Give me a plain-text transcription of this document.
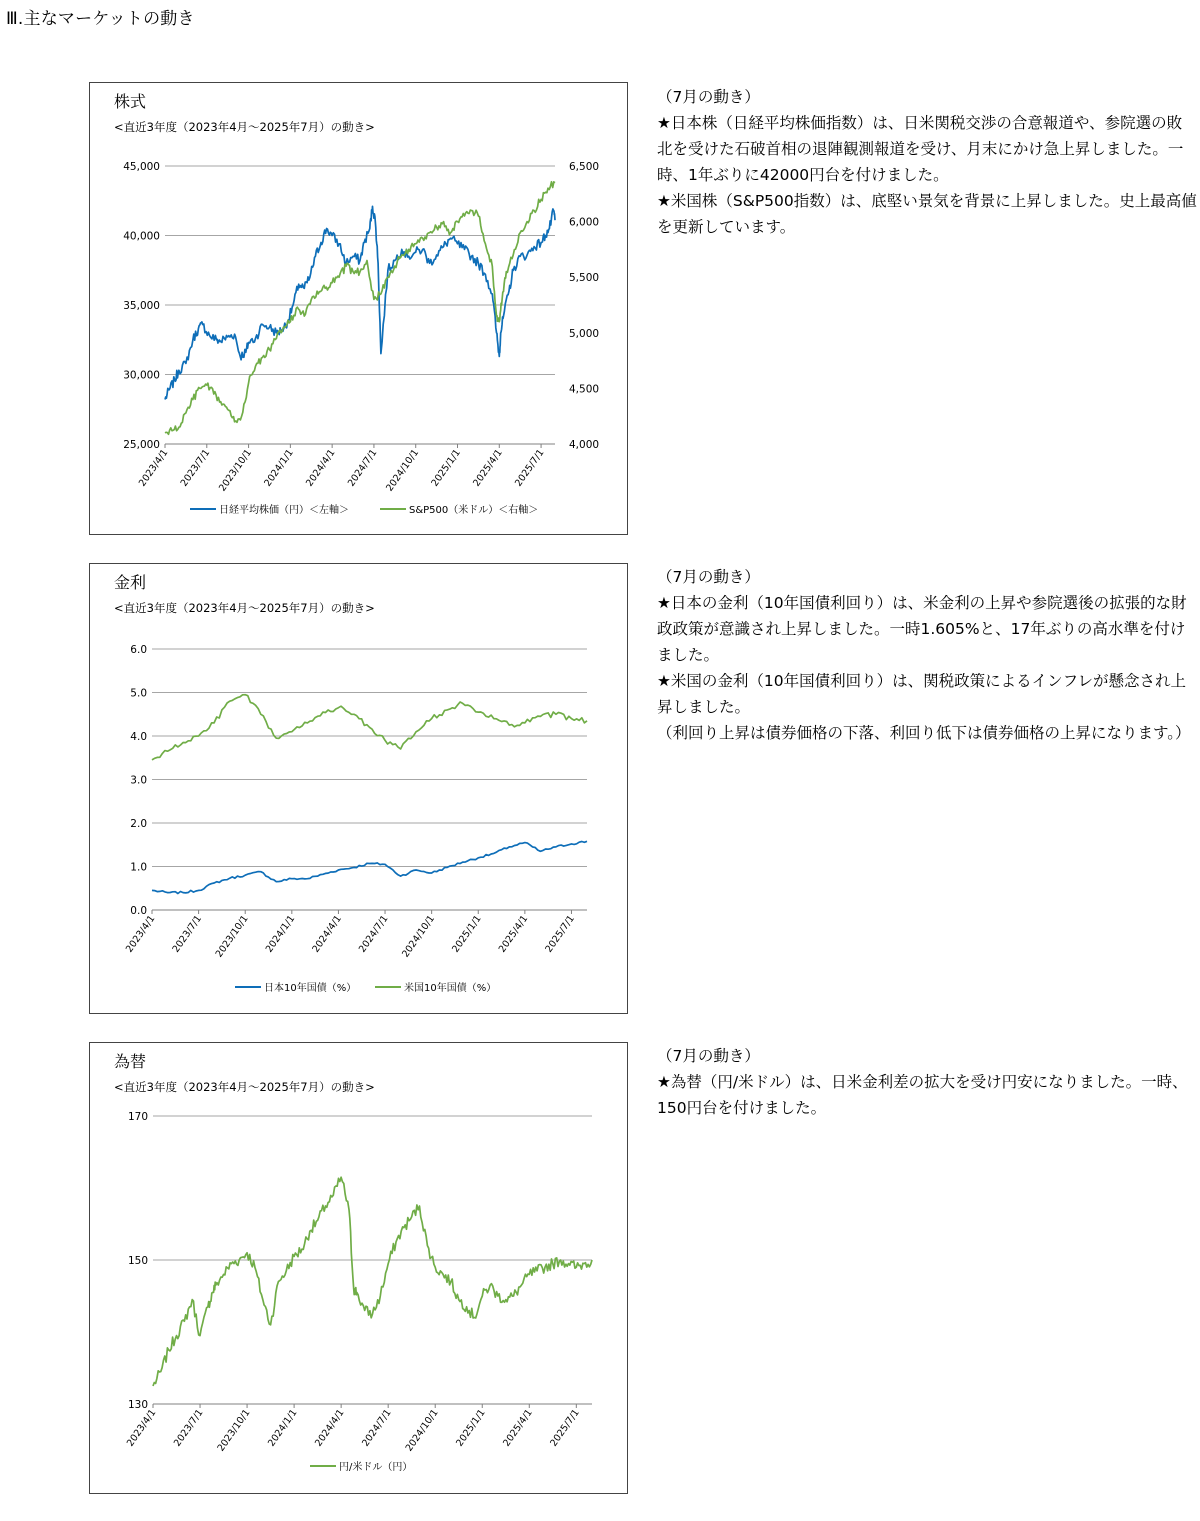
Ⅲ.主なマーケットの動き
株式
<直近3年度（2023年4月～2025年7月）の動き>
25,000
30,000
35,000
40,000
45,000
4,000
4,500
5,000
5,500
6,000
6,500
2023/4/1 2023/7/1 2023/10/1 2024/1/1 2024/4/1 2024/7/1 2024/10/1 2025/1/1 2025/4/1 2025/7/1
日経平均株価（円）＜左軸＞	S&P500（米ドル）＜右軸＞

（7月の動き）

★日本株（日経平均株価指数）は、日米関税交渉の合意報道や、参院選の敗北を受けた石破首相の退陣観測報道を受け、月末にかけ急上昇しました。一時、1年ぶりに42000円台を付けました。

★米国株（S&P500指数）は、底堅い景気を背景に上昇しました。史上最高値を更新しています。

金利
<直近3年度（2023年4月～2025年7月）の動き>
0.0
1.0
2.0
3.0
4.0
5.0
6.0
2023/4/1 2023/7/1 2023/10/1 2024/1/1 2024/4/1 2024/7/1 2024/10/1 2025/1/1 2025/4/1 2025/7/1
日本10年国債（%）	米国10年国債（%）

（7月の動き）

★日本の金利（10年国債利回り）は、米金利の上昇や参院選後の拡張的な財政政策が意識され上昇しました。一時1.605%と、17年ぶりの高水準を付けました。

★米国の金利（10年国債利回り）は、関税政策によるインフレが懸念され上昇しました。

（利回り上昇は債券価格の下落、利回り低下は債券価格の上昇になります。）

為替
<直近3年度（2023年4月～2025年7月）の動き>
130
150
170
2023/4/1 2023/7/1 2023/10/1 2024/1/1 2024/4/1 2024/7/1 2024/10/1 2025/1/1 2025/4/1 2025/7/1
円/米ドル（円）

（7月の動き）

★為替（円/米ドル）は、日米金利差の拡大を受け円安になりました。一時、150円台を付けました。
